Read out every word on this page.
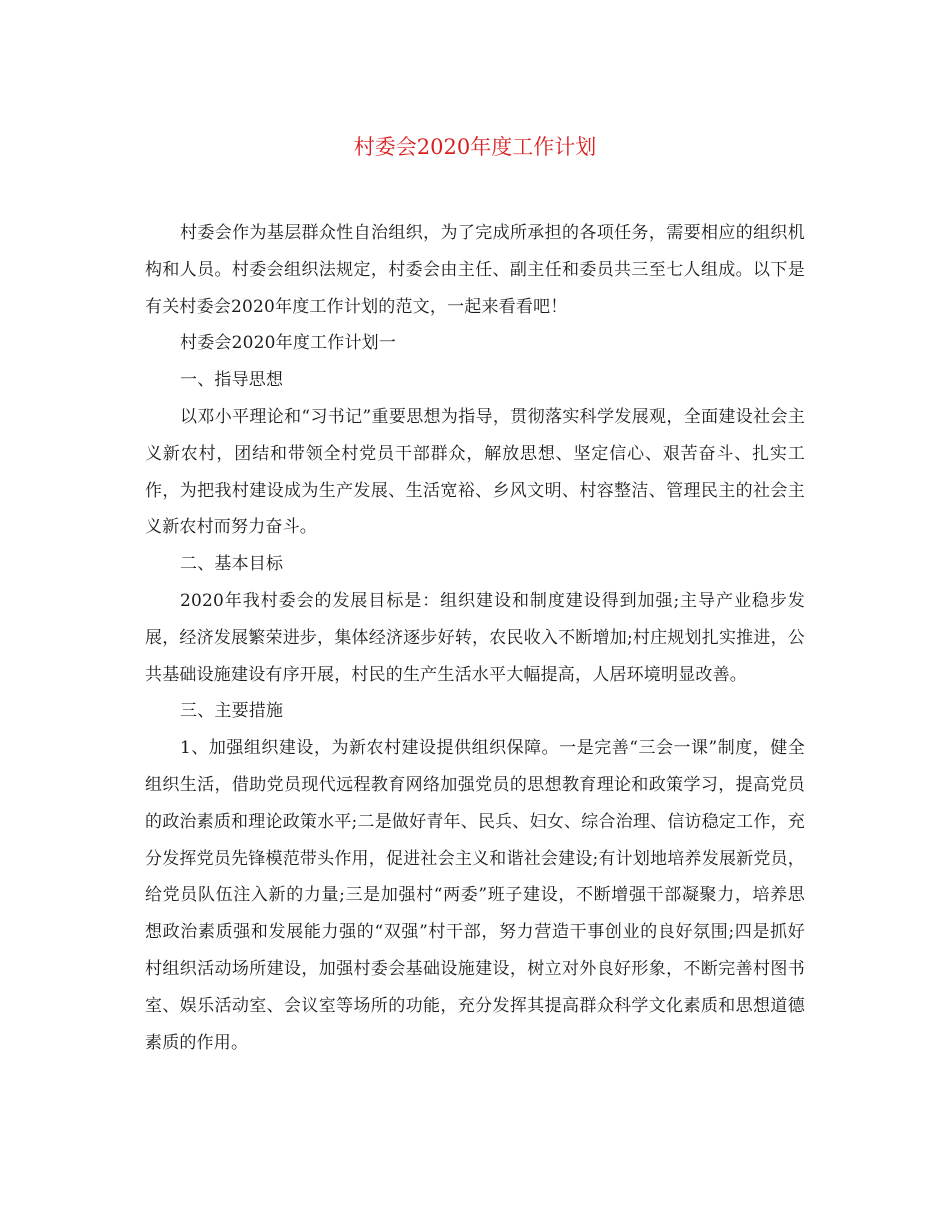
村委会2020年度工作计划

村委会作为基层群众性自治组织，为了完成所承担的各项任务，需要相应的组织机构和人员。村委会组织法规定，村委会由主任、副主任和委员共三至七人组成。以下是有关村委会2020年度工作计划的范文，一起来看看吧！

村委会2020年度工作计划一

一、指导思想

以邓小平理论和“习书记”重要思想为指导，贯彻落实科学发展观，全面建设社会主义新农村，团结和带领全村党员干部群众，解放思想、坚定信心、艰苦奋斗、扎实工作，为把我村建设成为生产发展、生活宽裕、乡风文明、村容整洁、管理民主的社会主义新农村而努力奋斗。

二、基本目标

2020年我村委会的发展目标是：组织建设和制度建设得到加强;主导产业稳步发展，经济发展繁荣进步，集体经济逐步好转，农民收入不断增加;村庄规划扎实推进，公共基础设施建设有序开展，村民的生产生活水平大幅提高，人居环境明显改善。

三、主要措施

1、加强组织建设，为新农村建设提供组织保障。一是完善“三会一课”制度，健全组织生活，借助党员现代远程教育网络加强党员的思想教育理论和政策学习，提高党员的政治素质和理论政策水平;二是做好青年、民兵、妇女、综合治理、信访稳定工作，充分发挥党员先锋模范带头作用，促进社会主义和谐社会建设;有计划地培养发展新党员，给党员队伍注入新的力量;三是加强村“两委”班子建设，不断增强干部凝聚力，培养思想政治素质强和发展能力强的“双强”村干部，努力营造干事创业的良好氛围;四是抓好村组织活动场所建设，加强村委会基础设施建设，树立对外良好形象，不断完善村图书室、娱乐活动室、会议室等场所的功能，充分发挥其提高群众科学文化素质和思想道德素质的作用。
